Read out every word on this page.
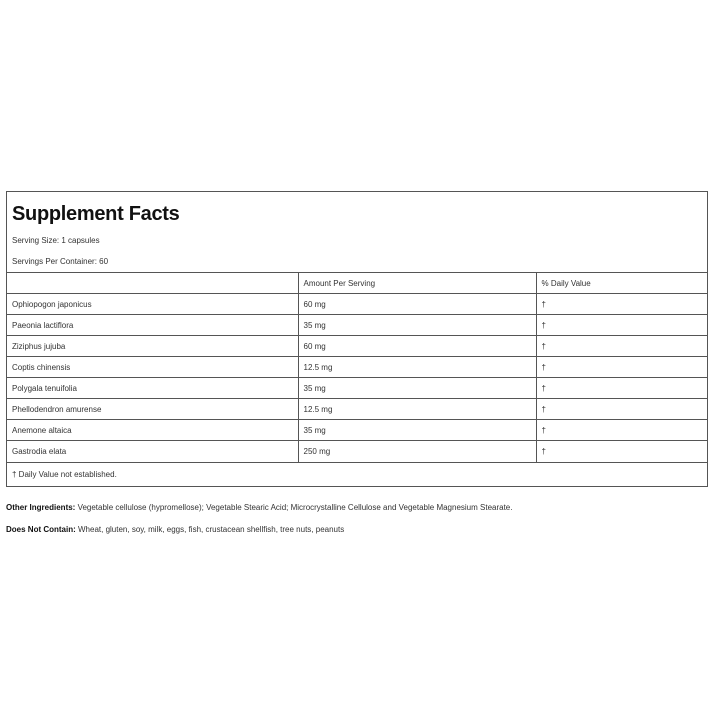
Supplement Facts
Serving Size: 1 capsules
Servings Per Container: 60
	Amount Per Serving	% Daily Value
Ophiopogon japonicus	60 mg	†
Paeonia lactiflora	35 mg	†
Ziziphus jujuba	60 mg	†
Coptis chinensis	12.5 mg	†
Polygala tenuifolia	35 mg	†
Phellodendron amurense	12.5 mg	†
Anemone altaica	35 mg	†
Gastrodia elata	250 mg	†
† Daily Value not established.

Other Ingredients: Vegetable cellulose (hypromellose); Vegetable Stearic Acid; Microcrystalline Cellulose and Vegetable Magnesium Stearate.

Does Not Contain: Wheat, gluten, soy, milk, eggs, fish, crustacean shellfish, tree nuts, peanuts
